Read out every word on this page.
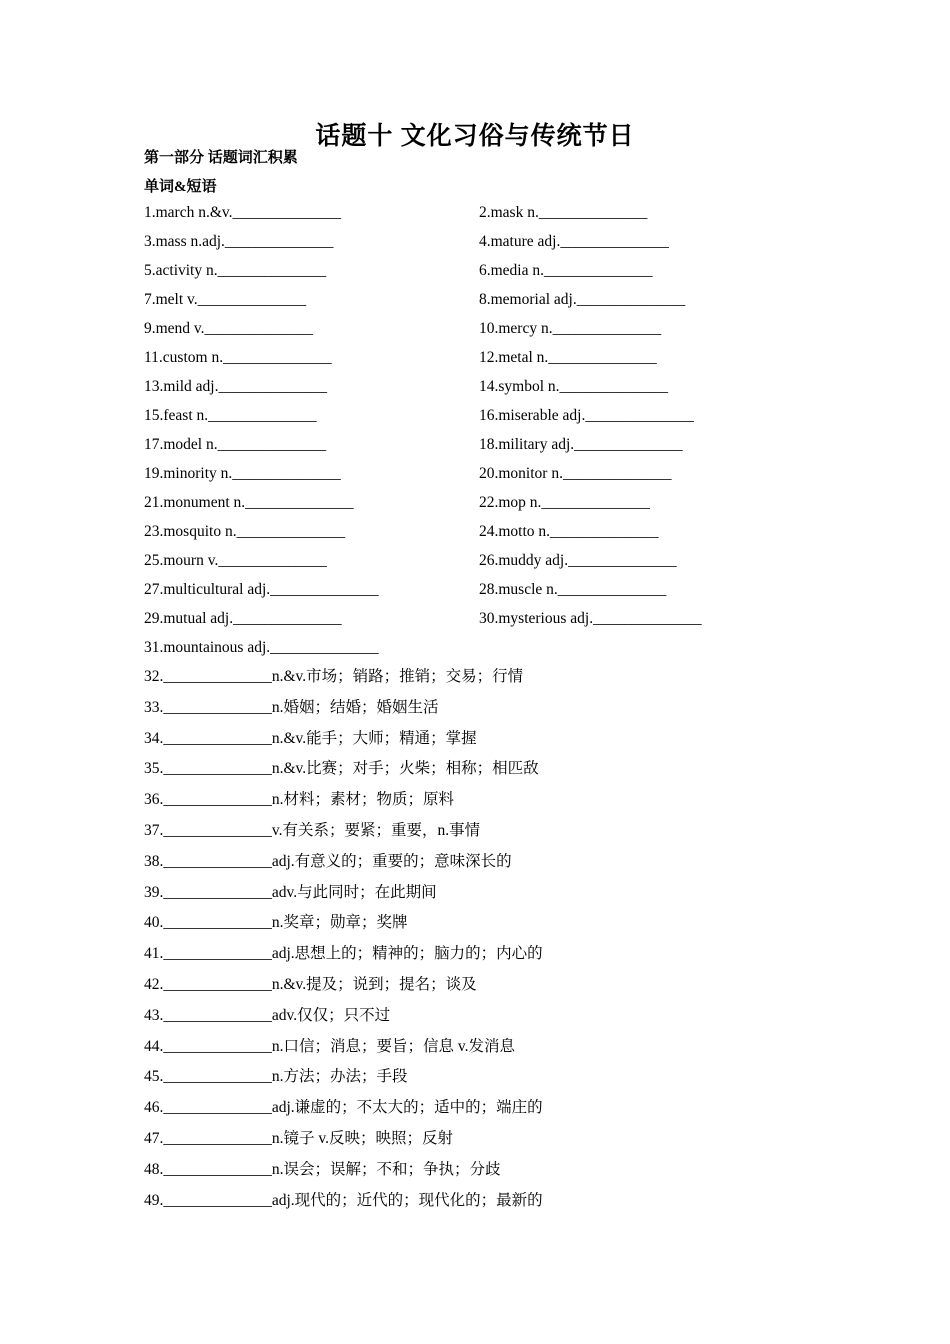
话题十 文化习俗与传统节日
第一部分 话题词汇积累
单词&短语
1.march n.&v.______________	2.mask n.______________
3.mass n.adj.______________	4.mature adj.______________
5.activity n.______________	6.media n.______________
7.melt v.______________	8.memorial adj.______________
9.mend v.______________	10.mercy n.______________
11.custom n.______________	12.metal n.______________
13.mild adj.______________	14.symbol n.______________
15.feast n.______________	16.miserable adj.______________
17.model n.______________	18.military adj.______________
19.minority n.______________	20.monitor n.______________
21.monument n.______________	22.mop n.______________
23.mosquito n.______________	24.motto n.______________
25.mourn v.______________	26.muddy adj.______________
27.multicultural adj.______________	28.muscle n.______________
29.mutual adj.______________	30.mysterious adj.______________
31.mountainous adj.______________
32.______________n.&v.市场；销路；推销；交易；行情
33.______________n.婚姻；结婚；婚姻生活
34.______________n.&v.能手；大师；精通；掌握
35.______________n.&v.比赛；对手；火柴；相称；相匹敌
36.______________n.材料；素材；物质；原料
37.______________v.有关系；要紧；重要，n.事情
38.______________adj.有意义的；重要的；意味深长的
39.______________adv.与此同时；在此期间
40.______________n.奖章；勋章；奖牌
41.______________adj.思想上的；精神的；脑力的；内心的
42.______________n.&v.提及；说到；提名；谈及
43.______________adv.仅仅；只不过
44.______________n.口信；消息；要旨；信息 v.发消息
45.______________n.方法；办法；手段
46.______________adj.谦虚的；不太大的；适中的；端庄的
47.______________n.镜子 v.反映；映照；反射
48.______________n.误会；误解；不和；争执；分歧
49.______________adj.现代的；近代的；现代化的；最新的
